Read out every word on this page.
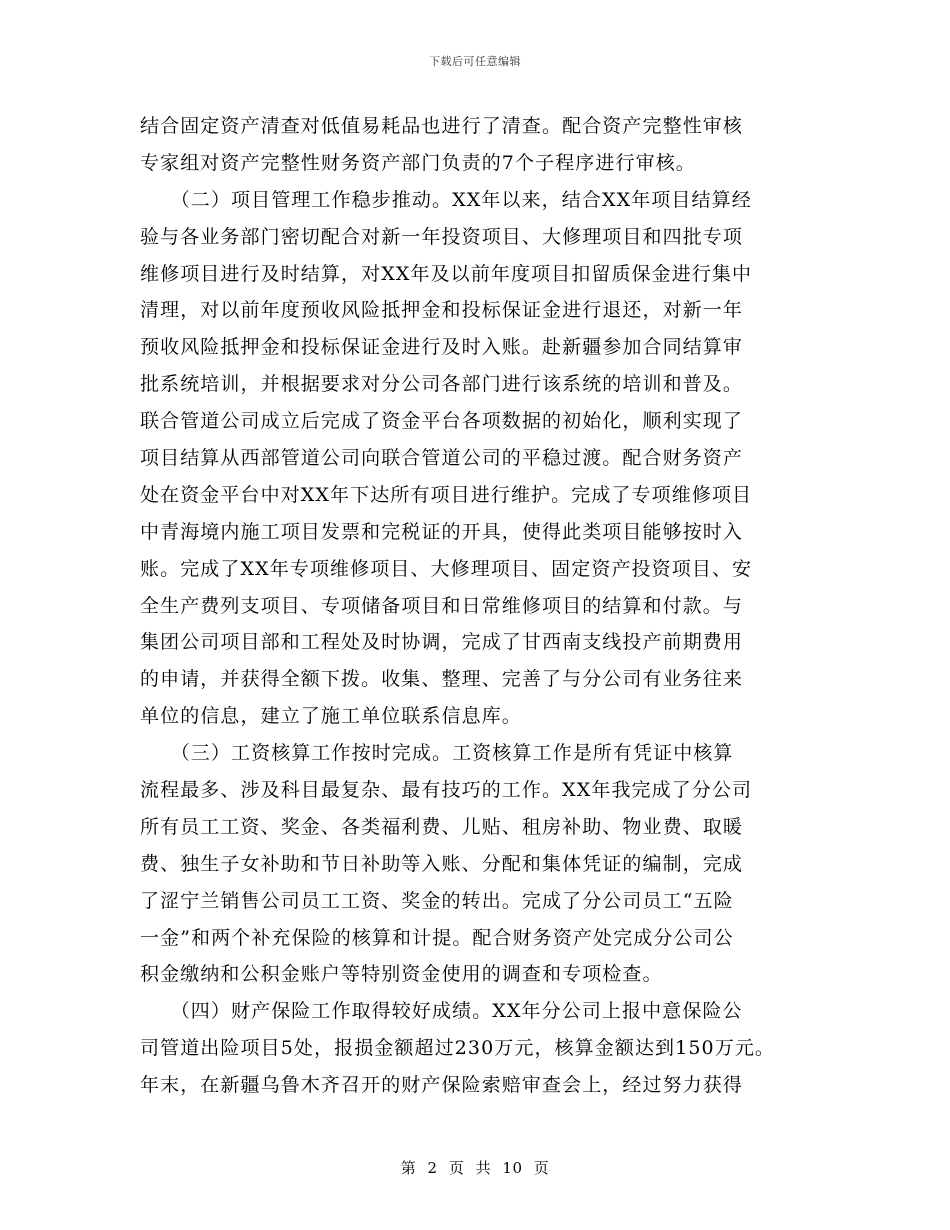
下载后可任意编辑
结合固定资产清查对低值易耗品也进行了清查。配合资产完整性审核
专家组对资产完整性财务资产部门负责的7个子程序进行审核。
　　（二）项目管理工作稳步推动。XX年以来，结合XX年项目结算经
验与各业务部门密切配合对新一年投资项目、大修理项目和四批专项
维修项目进行及时结算，对XX年及以前年度项目扣留质保金进行集中
清理，对以前年度预收风险抵押金和投标保证金进行退还，对新一年
预收风险抵押金和投标保证金进行及时入账。赴新疆参加合同结算审
批系统培训，并根据要求对分公司各部门进行该系统的培训和普及。
联合管道公司成立后完成了资金平台各项数据的初始化，顺利实现了
项目结算从西部管道公司向联合管道公司的平稳过渡。配合财务资产
处在资金平台中对XX年下达所有项目进行维护。完成了专项维修项目
中青海境内施工项目发票和完税证的开具，使得此类项目能够按时入
账。完成了XX年专项维修项目、大修理项目、固定资产投资项目、安
全生产费列支项目、专项储备项目和日常维修项目的结算和付款。与
集团公司项目部和工程处及时协调，完成了甘西南支线投产前期费用
的申请，并获得全额下拨。收集、整理、完善了与分公司有业务往来
单位的信息，建立了施工单位联系信息库。
　　（三）工资核算工作按时完成。工资核算工作是所有凭证中核算
流程最多、涉及科目最复杂、最有技巧的工作。XX年我完成了分公司
所有员工工资、奖金、各类福利费、儿贴、租房补助、物业费、取暖
费、独生子女补助和节日补助等入账、分配和集体凭证的编制，完成
了涩宁兰销售公司员工工资、奖金的转出。完成了分公司员工“五险
一金”和两个补充保险的核算和计提。配合财务资产处完成分公司公
积金缴纳和公积金账户等特别资金使用的调查和专项检查。
　　（四）财产保险工作取得较好成绩。XX年分公司上报中意保险公
司管道出险项目5处，报损金额超过230万元，核算金额达到150万元。
年末，在新疆乌鲁木齐召开的财产保险索赔审查会上，经过努力获得
第 2 页 共 10 页
